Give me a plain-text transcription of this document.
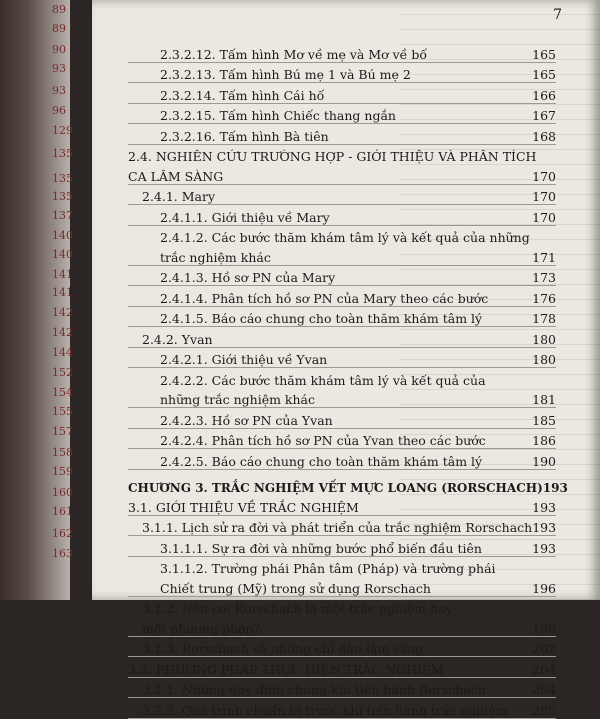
89
89
90
93
93
96
129
135
135
135
137
140
140
141
141
142
142
144
152
154
155
157
158
159
160
161
162
163
7
2.3.2.12. Tấm hình Mơ về mẹ và Mơ về bố	165
2.3.2.13. Tấm hình Bú mẹ 1 và Bú mẹ 2	165
2.3.2.14. Tấm hình Cái hố	166
2.3.2.15. Tấm hình Chiếc thang ngắn	167
2.3.2.16. Tấm hình Bà tiên	168
2.4. NGHIÊN CỨU TRƯỜNG HỢP - GIỚI THIỆU VÀ PHÂN TÍCH
CA LÂM SÀNG	170
2.4.1. Mary	170
2.4.1.1. Giới thiệu về Mary	170
2.4.1.2. Các bước thăm khám tâm lý và kết quả của những
trắc nghiệm khác	171
2.4.1.3. Hồ sơ PN của Mary	173
2.4.1.4. Phân tích hồ sơ PN của Mary theo các bước	176
2.4.1.5. Báo cáo chung cho toàn thăm khám tâm lý	178
2.4.2. Yvan	180
2.4.2.1. Giới thiệu về Yvan	180
2.4.2.2. Các bước thăm khám tâm lý và kết quả của
những trắc nghiệm khác	181
2.4.2.3. Hồ sơ PN của Yvan	185
2.4.2.4. Phân tích hồ sơ PN của Yvan theo các bước	186
2.4.2.5. Báo cáo chung cho toàn thăm khám tâm lý	190
CHƯƠNG 3. TRẮC NGHIỆM VẾT MỰC LOANG (RORSCHACH) 193
3.1. GIỚI THIỆU VỀ TRẮC NGHIỆM	193
3.1.1. Lịch sử ra đời và phát triển của trắc nghiệm Rorschach 193
3.1.1.1. Sự ra đời và những bước phổ biến đầu tiên	193
3.1.1.2. Trường phái Phân tâm (Pháp) và trường phái
Chiết trung (Mỹ) trong sử dụng Rorschach	196
3.1.2. Nên coi Rorschach là một trắc nghiệm hay
một phương pháp?	198
3.1.3. Rorschach và những chỉ dẫn lâm sàng	202
3.2. PHƯƠNG PHÁP THỰC HIỆN TRẮC NGHIỆM	204
3.2.1. Những quy định chung khi tiến hành Rorschach	204
3.2.2. Quá trình chuẩn bị trước khi tiến hành trắc nghiệm	205
